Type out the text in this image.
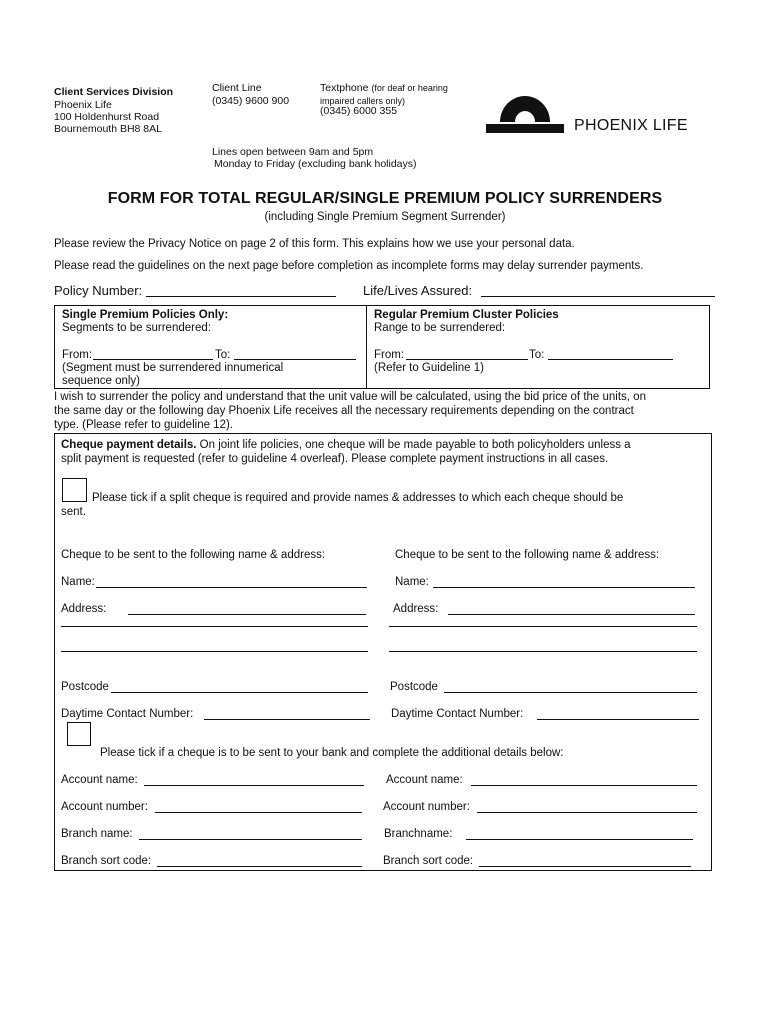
Client Services Division
Phoenix Life
100 Holdenhurst Road
Bournemouth BH8 8AL
Client Line
(0345) 9600 900
Textphone (for deaf or hearing
impaired callers only)
(0345) 6000 355
Lines open between 9am and 5pm
Monday to Friday (excluding bank holidays)
PHOENIX LIFE
FORM FOR TOTAL REGULAR/SINGLE PREMIUM POLICY SURRENDERS
(including Single Premium Segment Surrender)
Please review the Privacy Notice on page 2 of this form. This explains how we use your personal data.
Please read the guidelines on the next page before completion as incomplete forms may delay surrender payments.
Policy Number:	Life/Lives Assured:
Single Premium Policies Only:
Segments to be surrendered:
From:	To:
(Segment must be surrendered innumerical
sequence only)
Regular Premium Cluster Policies
Range to be surrendered:
From:	To:
(Refer to Guideline 1)
I wish to surrender the policy and understand that the unit value will be calculated, using the bid price of the units, on
the same day or the following day Phoenix Life receives all the necessary requirements depending on the contract
type. (Please refer to guideline 12).
Cheque payment details. On joint life policies, one cheque will be made payable to both policyholders unless a
split payment is requested (refer to guideline 4 overleaf). Please complete payment instructions in all cases.
Please tick if a split cheque is required and provide names & addresses to which each cheque should be
sent.
Cheque to be sent to the following name & address:	Cheque to be sent to the following name & address:
Name:	Name:
Address:	Address:
Postcode	Postcode
Daytime Contact Number:	Daytime Contact Number:
Please tick if a cheque is to be sent to your bank and complete the additional details below:
Account name:	Account name:
Account number:	Account number:
Branch name:	Branchname:
Branch sort code:	Branch sort code:
